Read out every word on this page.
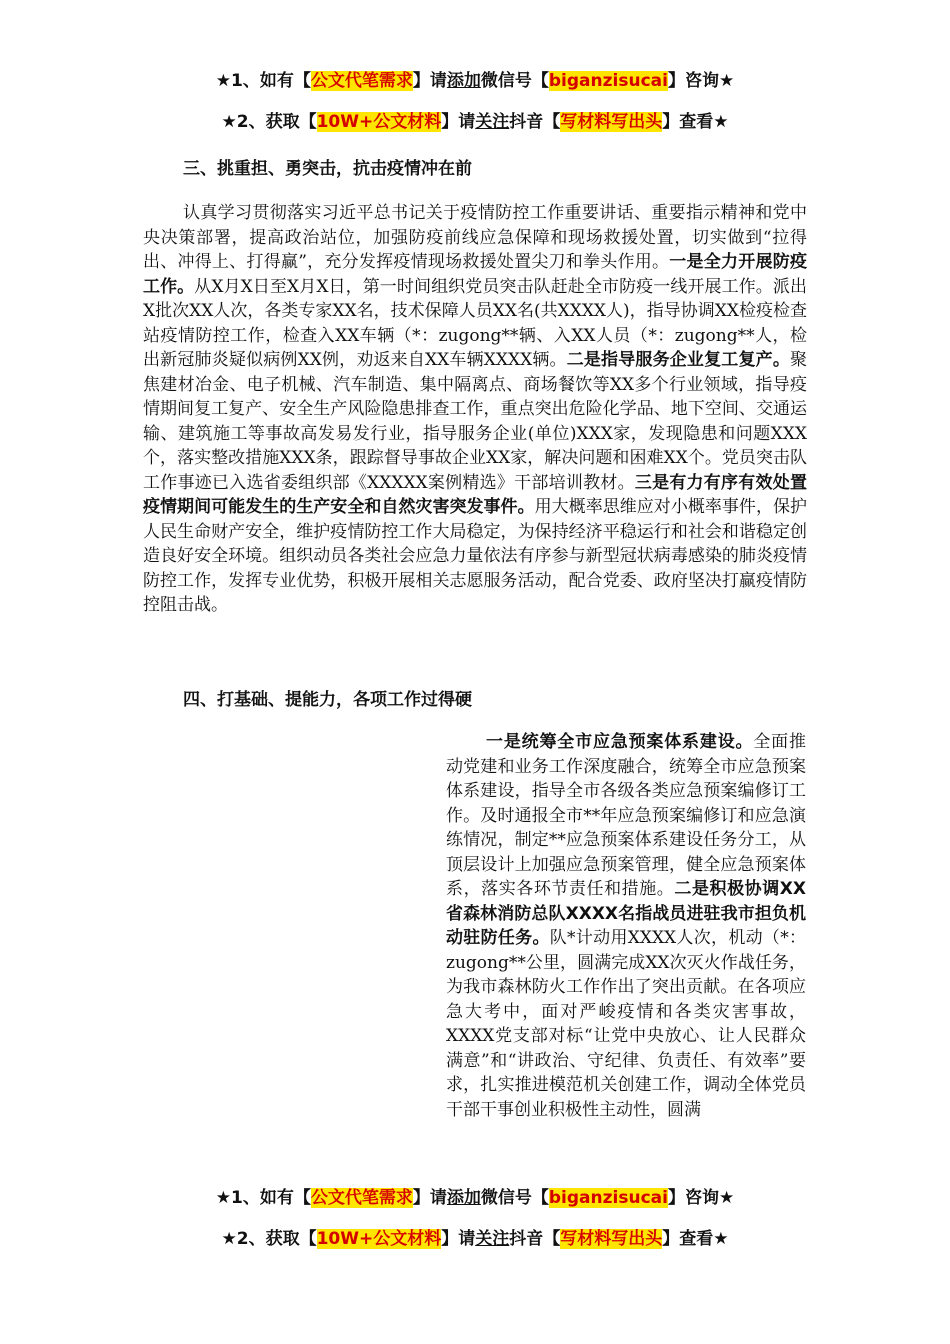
★1、如有【公文代笔需求】请添加微信号【biganzisucai】咨询★
★2、获取【10W+公文材料】请关注抖音【写材料写出头】查看★
三、挑重担、勇突击，抗击疫情冲在前

认真学习贯彻落实习近平总书记关于疫情防控工作重要讲话、重要指示精神和党中央决策部署，提高政治站位，加强防疫前线应急保障和现场救援处置，切实做到“拉得出、冲得上、打得赢”，充分发挥疫情现场救援处置尖刀和拳头作用。一是全力开展防疫工作。从X月X日至X月X日，第一时间组织党员突击队赶赴全市防疫一线开展工作。派出X批次XX人次，各类专家XX名，技术保障人员XX名(共XXXX人)，指导协调XX检疫检查站疫情防控工作，检查入XX车辆（*：zugong**辆、入XX人员（*：zugong**人，检出新冠肺炎疑似病例XX例，劝返来自XX车辆XXXX辆。二是指导服务企业复工复产。聚焦建材冶金、电子机械、汽车制造、集中隔离点、商场餐饮等XX多个行业领域，指导疫情期间复工复产、安全生产风险隐患排查工作，重点突出危险化学品、地下空间、交通运输、建筑施工等事故高发易发行业，指导服务企业(单位)XXX家，发现隐患和问题XXX个，落实整改措施XXX条，跟踪督导事故企业XX家，解决问题和困难XX个。党员突击队工作事迹已入选省委组织部《XXXXX案例精选》干部培训教材。三是有力有序有效处置疫情期间可能发生的生产安全和自然灾害突发事件。用大概率思维应对小概率事件，保护人民生命财产安全，维护疫情防控工作大局稳定，为保持经济平稳运行和社会和谐稳定创造良好安全环境。组织动员各类社会应急力量依法有序参与新型冠状病毒感染的肺炎疫情防控工作，发挥专业优势，积极开展相关志愿服务活动，配合党委、政府坚决打赢疫情防控阻击战。

四、打基础、提能力，各项工作过得硬

一是统筹全市应急预案体系建设。全面推动党建和业务工作深度融合，统筹全市应急预案体系建设，指导全市各级各类应急预案编修订工作。及时通报全市**年应急预案编修订和应急演练情况，制定**应急预案体系建设任务分工，从顶层设计上加强应急预案管理，健全应急预案体系，落实各环节责任和措施。二是积极协调XX省森林消防总队XXXX名指战员进驻我市担负机动驻防任务。队*计动用XXXX人次，机动（*：zugong**公里，圆满完成XX次灭火作战任务，为我市森林防火工作作出了突出贡献。在各项应急大考中，面对严峻疫情和各类灾害事故，XXXX党支部对标“让党中央放心、让人民群众满意”和“讲政治、守纪律、负责任、有效率”要求，扎实推进模范机关创建工作，调动全体党员干部干事创业积极性主动性，圆满

★1、如有【公文代笔需求】请添加微信号【biganzisucai】咨询★
★2、获取【10W+公文材料】请关注抖音【写材料写出头】查看★
